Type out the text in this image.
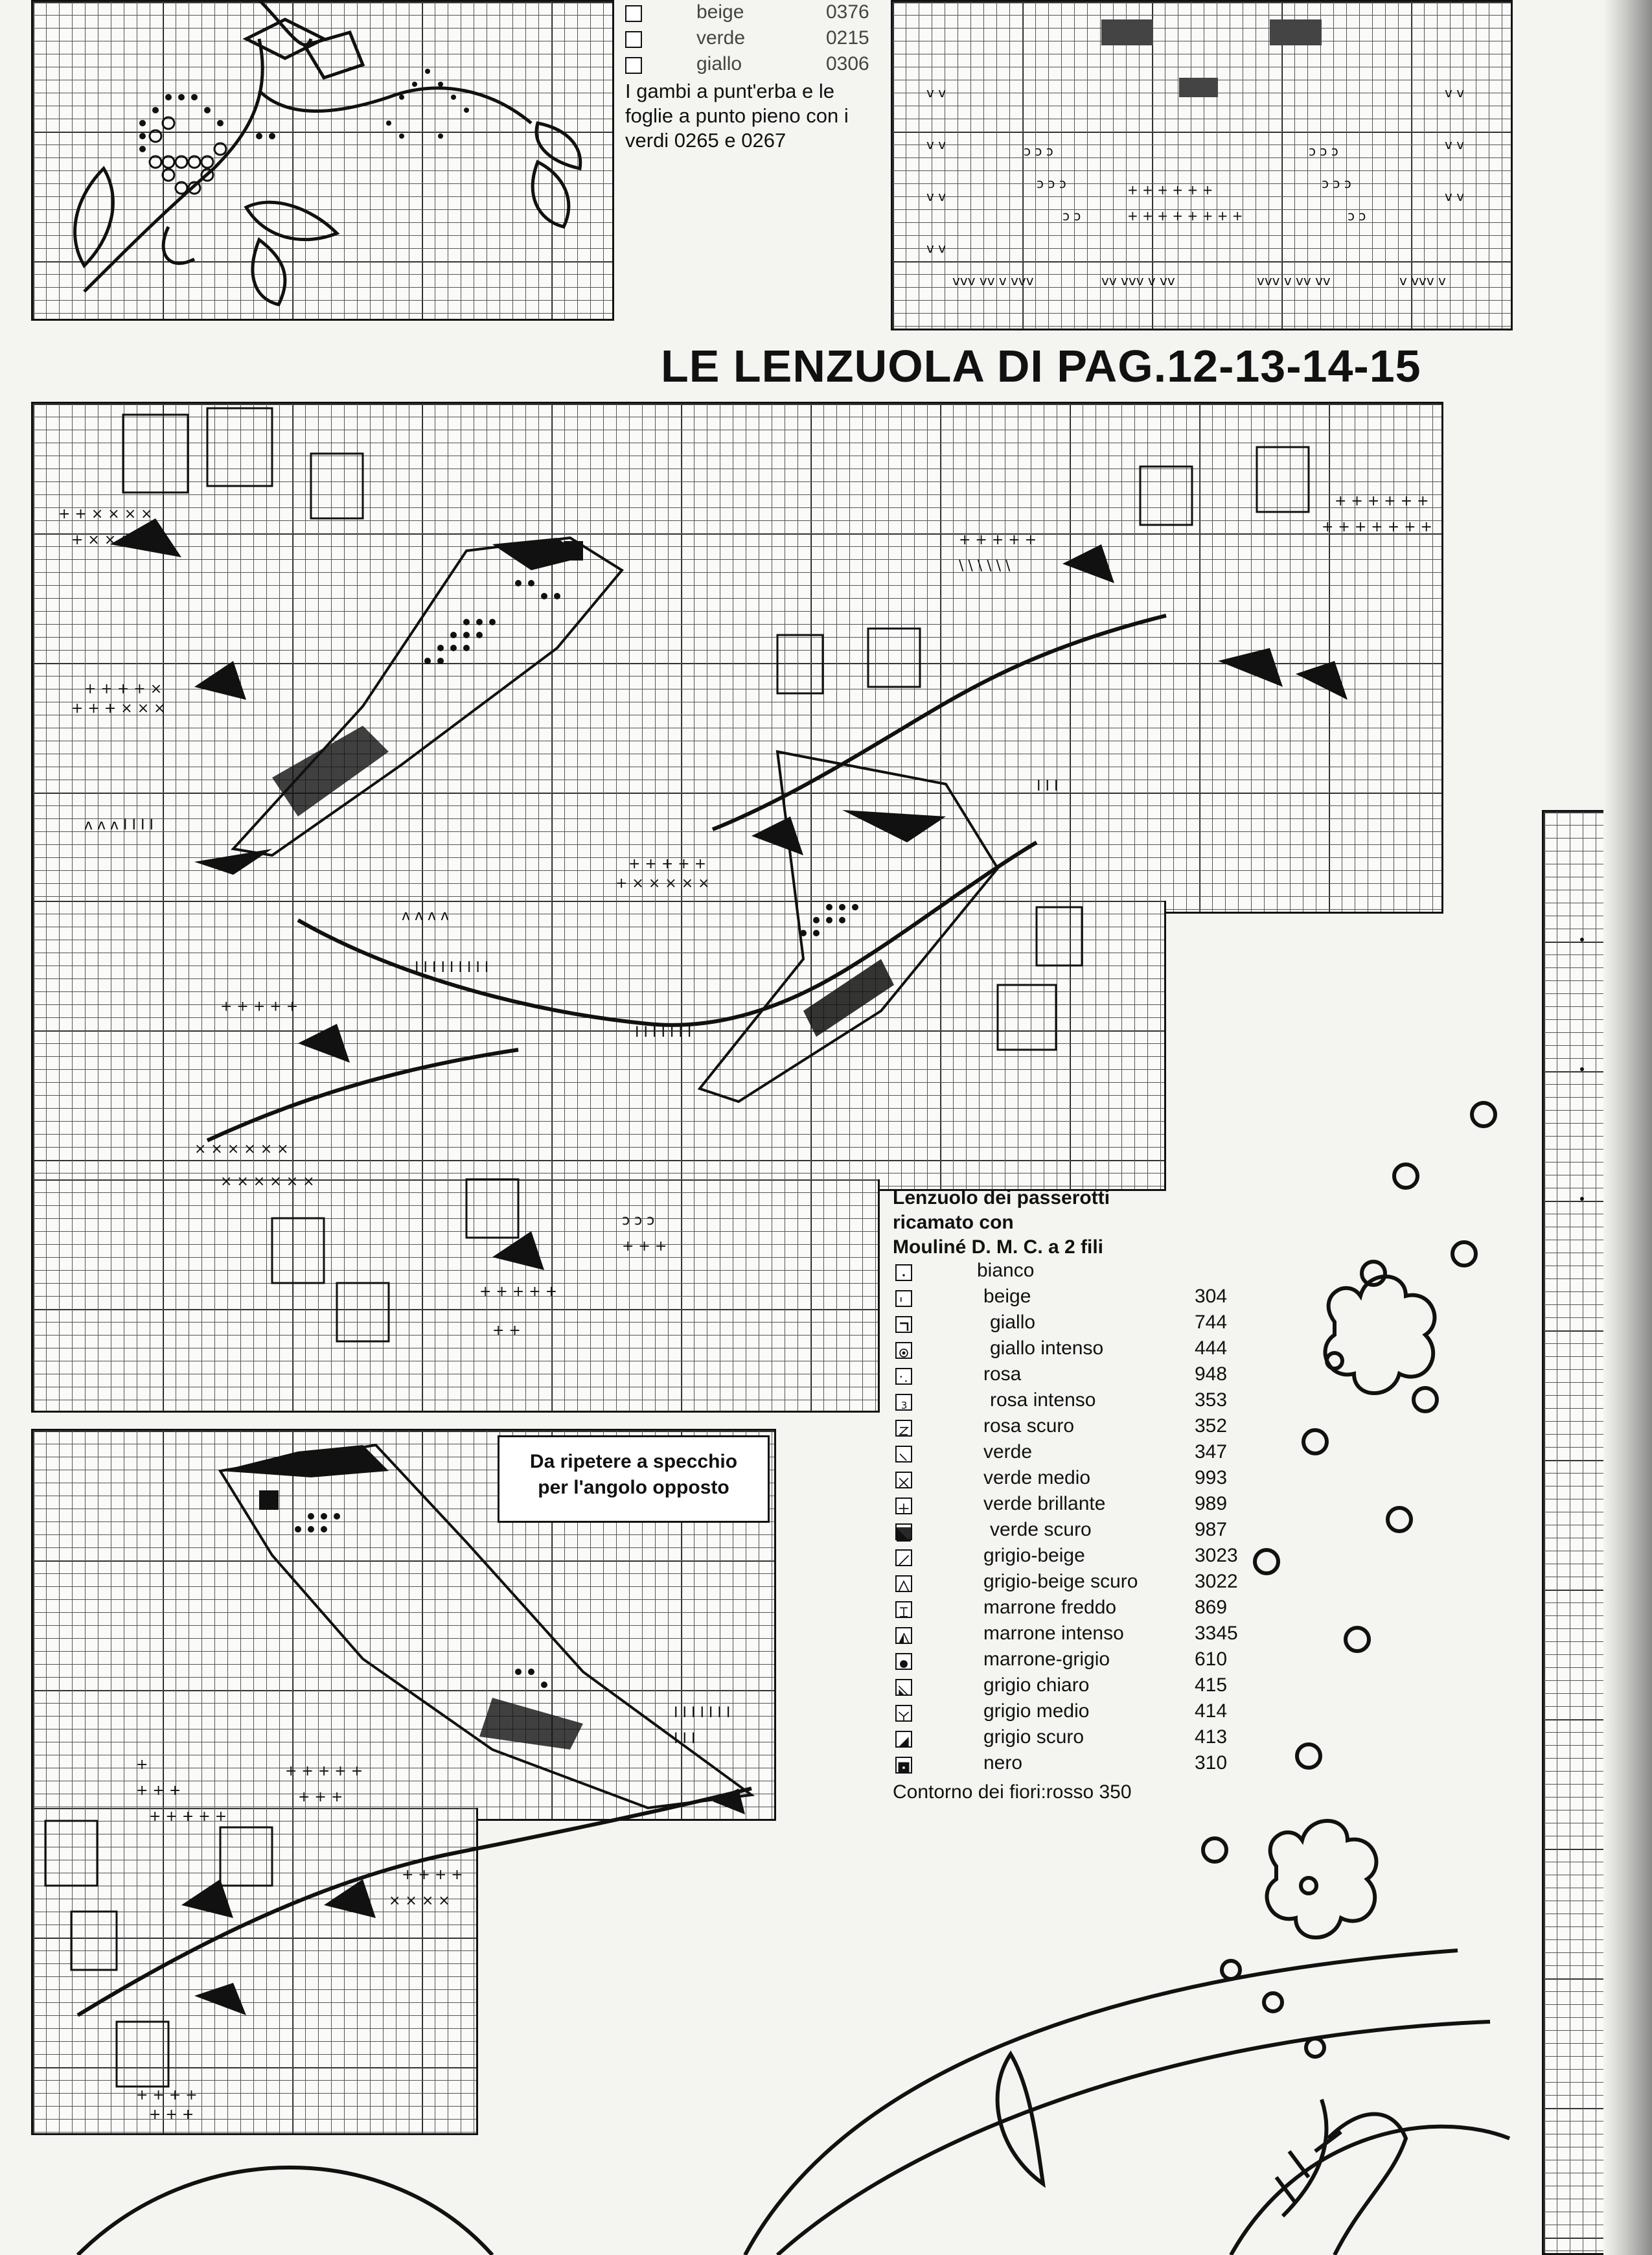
beige	0376
verde	0215
giallo	0306
I gambi a punt'erba e le
foglie a punto pieno con i
verdi 0265 e 0267
v v
v v
v v
v v
vvv vv v vvv	vv vvv v vv	vvv v vv vv	v vvv v
v v
v v
v v
ɔ ɔ ɔ
ɔ ɔ ɔ
ɔ ɔ
+ + + + + +
+ + + + + + + +
ɔ ɔ ɔ
ɔ ɔ ɔ
ɔ ɔ
LE LENZUOLA DI PAG.12-13-14-15
+ + × × × ×
+ × × × ×
+ + + + ×
+ + + × × ×
ʌ ʌ ʌ I I I I
+ + + + +
+ × × × × ×
+ + + + +
\ \ \ \ \ \
+ + + + + +
+ + + + + + +
+ + + + +
× × × × × ×
× × × × × ×
+ + + + +
+ +
ɔ ɔ ɔ
+ + +
I I I
I I I I I I I I I
I I I I I I I
ʌ ʌ ʌ ʌ
+
+ + +
+ + + + +
+ + + + +
+ + +
I I I I I I I
I I I
+ + + +
+ + +
+ + + +
× × × ×
Da ripetere a specchio
per l'angolo opposto
Lenzuolo dei passerotti
ricamato con
Mouliné D. M. C. a 2 fili
bianco
beige	304
giallo	744
giallo intenso	444
rosa	948
3	rosa intenso	353
rosa scuro	352
verde	347
verde medio	993
verde brillante	989
verde scuro	987
grigio-beige	3023
grigio-beige scuro	3022
marrone freddo	869
marrone intenso	3345
marrone-grigio	610
grigio chiaro	415
grigio medio	414
grigio scuro	413
nero	310
Contorno dei fiori:rosso 350
